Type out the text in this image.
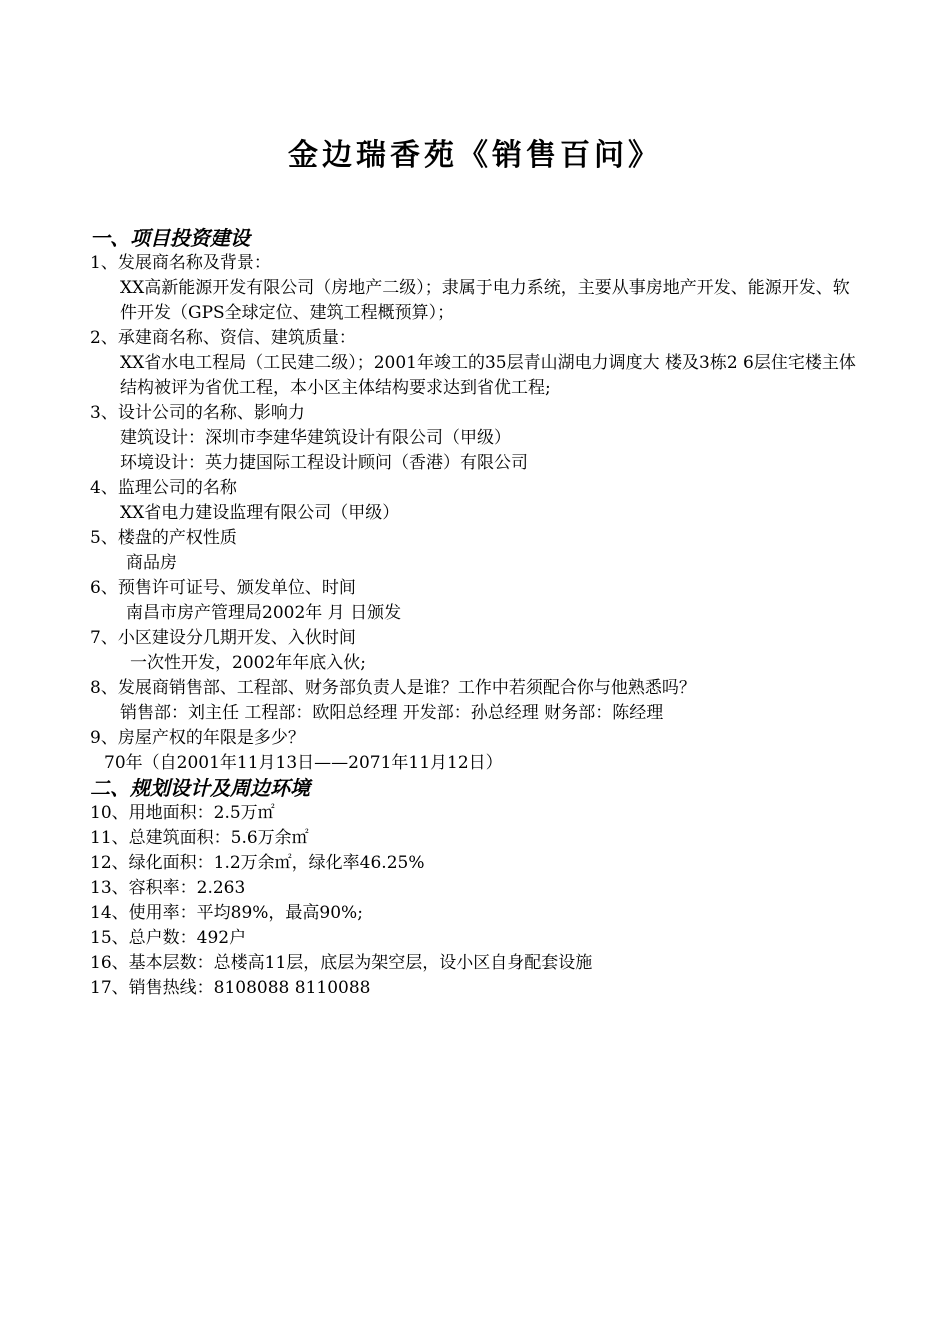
金边瑞香苑《销售百问》
一、项目投资建设
1、发展商名称及背景：
XX高新能源开发有限公司（房地产二级）；隶属于电力系统，主要从事房地产开发、能源开发、软件开发（GPS全球定位、建筑工程概预算）；
2、承建商名称、资信、建筑质量：
XX省水电工程局（工民建二级）；2001年竣工的35层青山湖电力调度大 楼及3栋2 6层住宅楼主体结构被评为省优工程，本小区主体结构要求达到省优工程;
3、设计公司的名称、影响力
建筑设计：深圳市李建华建筑设计有限公司（甲级）
环境设计：英力捷国际工程设计顾问（香港）有限公司
4、监理公司的名称
XX省电力建设监理有限公司（甲级）
5、楼盘的产权性质
商品房
6、预售许可证号、颁发单位、时间
南昌市房产管理局2002年 月 日颁发
7、小区建设分几期开发、入伙时间
一次性开发，2002年年底入伙;
8、发展商销售部、工程部、财务部负责人是谁？工作中若须配合你与他熟悉吗？
销售部：刘主任 工程部：欧阳总经理 开发部：孙总经理 财务部：陈经理
9、房屋产权的年限是多少？
70年（自2001年11月13日——2071年11月12日）
二、规划设计及周边环境
10、用地面积：2.5万㎡
11、总建筑面积：5.6万余㎡
12、绿化面积：1.2万余㎡，绿化率46.25%
13、容积率：2.263
14、使用率：平均89%，最高90%;
15、总户数：492户
16、基本层数：总楼高11层，底层为架空层，设小区自身配套设施
17、销售热线：8108088 8110088
